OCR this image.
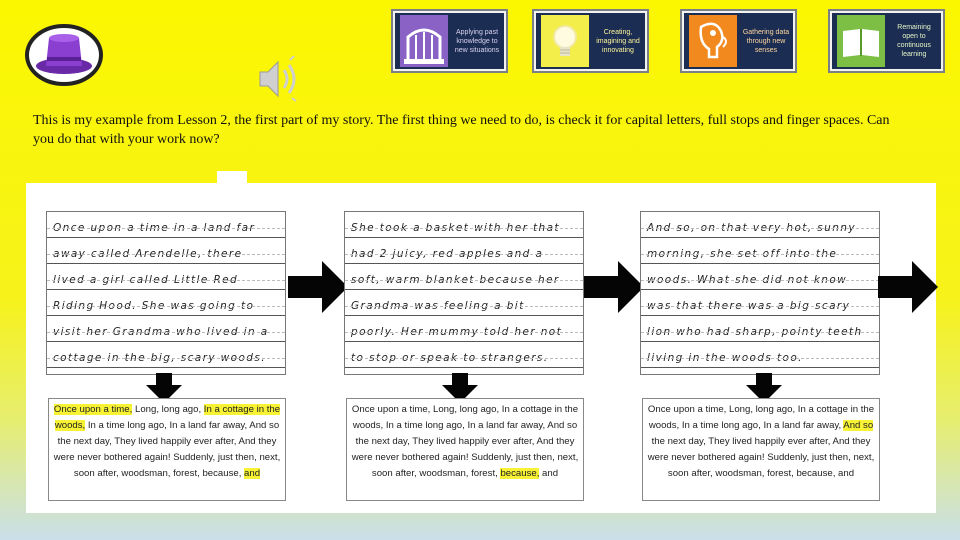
Applying past knowledge to new situations
Creating, imagining and innovating
Gathering data through new senses
Remaining open to continuous learning
This is my example from Lesson 2, the first part of my story. The first thing we need to do, is check it for capital letters, full stops and finger spaces. Can you do that with your work now?
Once upon a time in a land far
away called Arendelle, there
lived a girl called Little Red
Riding Hood. She was going to
visit her Grandma who lived in a
cottage in the big, scary woods.
She took a basket with her that
had 2 juicy, red apples and a
soft, warm blanket because her
Grandma was feeling a bit
poorly. Her mummy told her not
to stop or speak to strangers.
And so, on that very hot, sunny
morning, she set off into the
woods. What she did not know
was that there was a big scary
lion who had sharp, pointy teeth
living in the woods too.
Once upon a time, Long, long ago, In a cottage in the woods, In a time long ago, In a land far away, And so the next day, They lived happily ever after, And they were never bothered again! Suddenly, just then, next, soon after, woodsman, forest, because, and
Once upon a time, Long, long ago, In a cottage in the woods, In a time long ago, In a land far away, And so the next day, They lived happily ever after, And they were never bothered again! Suddenly, just then, next, soon after, woodsman, forest, because, and
Once upon a time, Long, long ago, In a cottage in the woods, In a time long ago, In a land far away, And so the next day, They lived happily ever after, And they were never bothered again! Suddenly, just then, next, soon after, woodsman, forest, because, and
